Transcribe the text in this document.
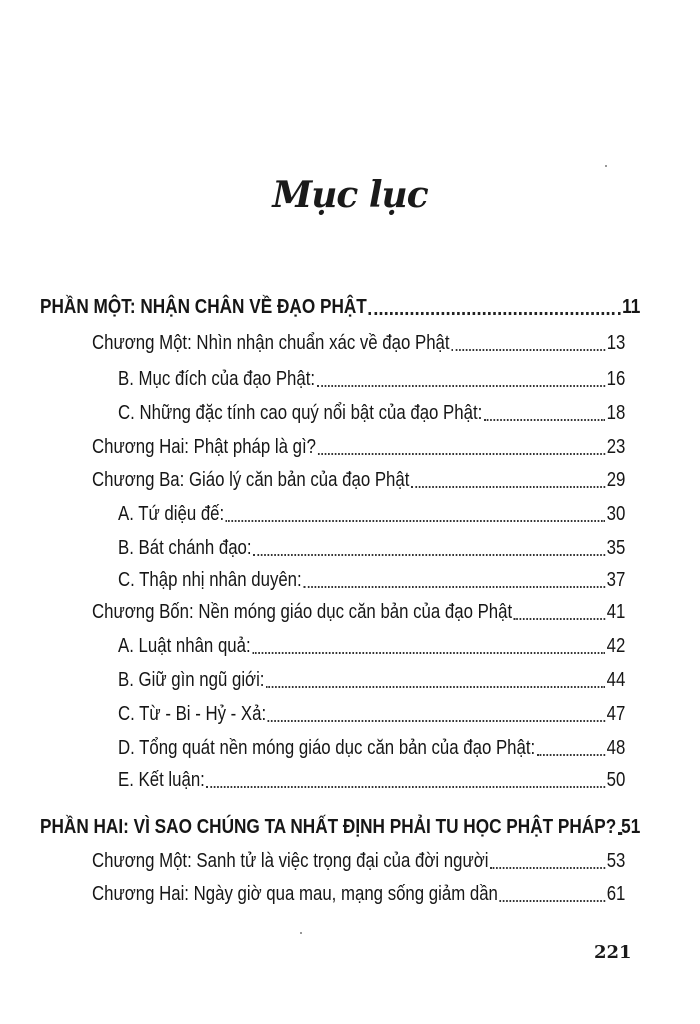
Mục lục
PHẦN MỘT: NHẬN CHÂN VỀ ĐẠO PHẬT	11
Chương Một: Nhìn nhận chuẩn xác về đạo Phật	13
B. Mục đích của đạo Phật:	16
C. Những đặc tính cao quý nổi bật của đạo Phật:	18
Chương Hai: Phật pháp là gì?	23
Chương Ba: Giáo lý căn bản của đạo Phật	29
A. Tứ diệu đế:	30
B. Bát chánh đạo:	35
C. Thập nhị nhân duyên:	37
Chương Bốn: Nền móng giáo dục căn bản của đạo Phật	41
A. Luật nhân quả:	42
B. Giữ gìn ngũ giới:	44
C. Từ - Bi - Hỷ - Xả:	47
D. Tổng quát nền móng giáo dục căn bản của đạo Phật:	48
E. Kết luận:	50
PHẦN HAI: VÌ SAO CHÚNG TA NHẤT ĐỊNH PHẢI TU HỌC PHẬT PHÁP? 51
Chương Một: Sanh tử là việc trọng đại của đời người	53
Chương Hai: Ngày giờ qua mau, mạng sống giảm dần	61
221
